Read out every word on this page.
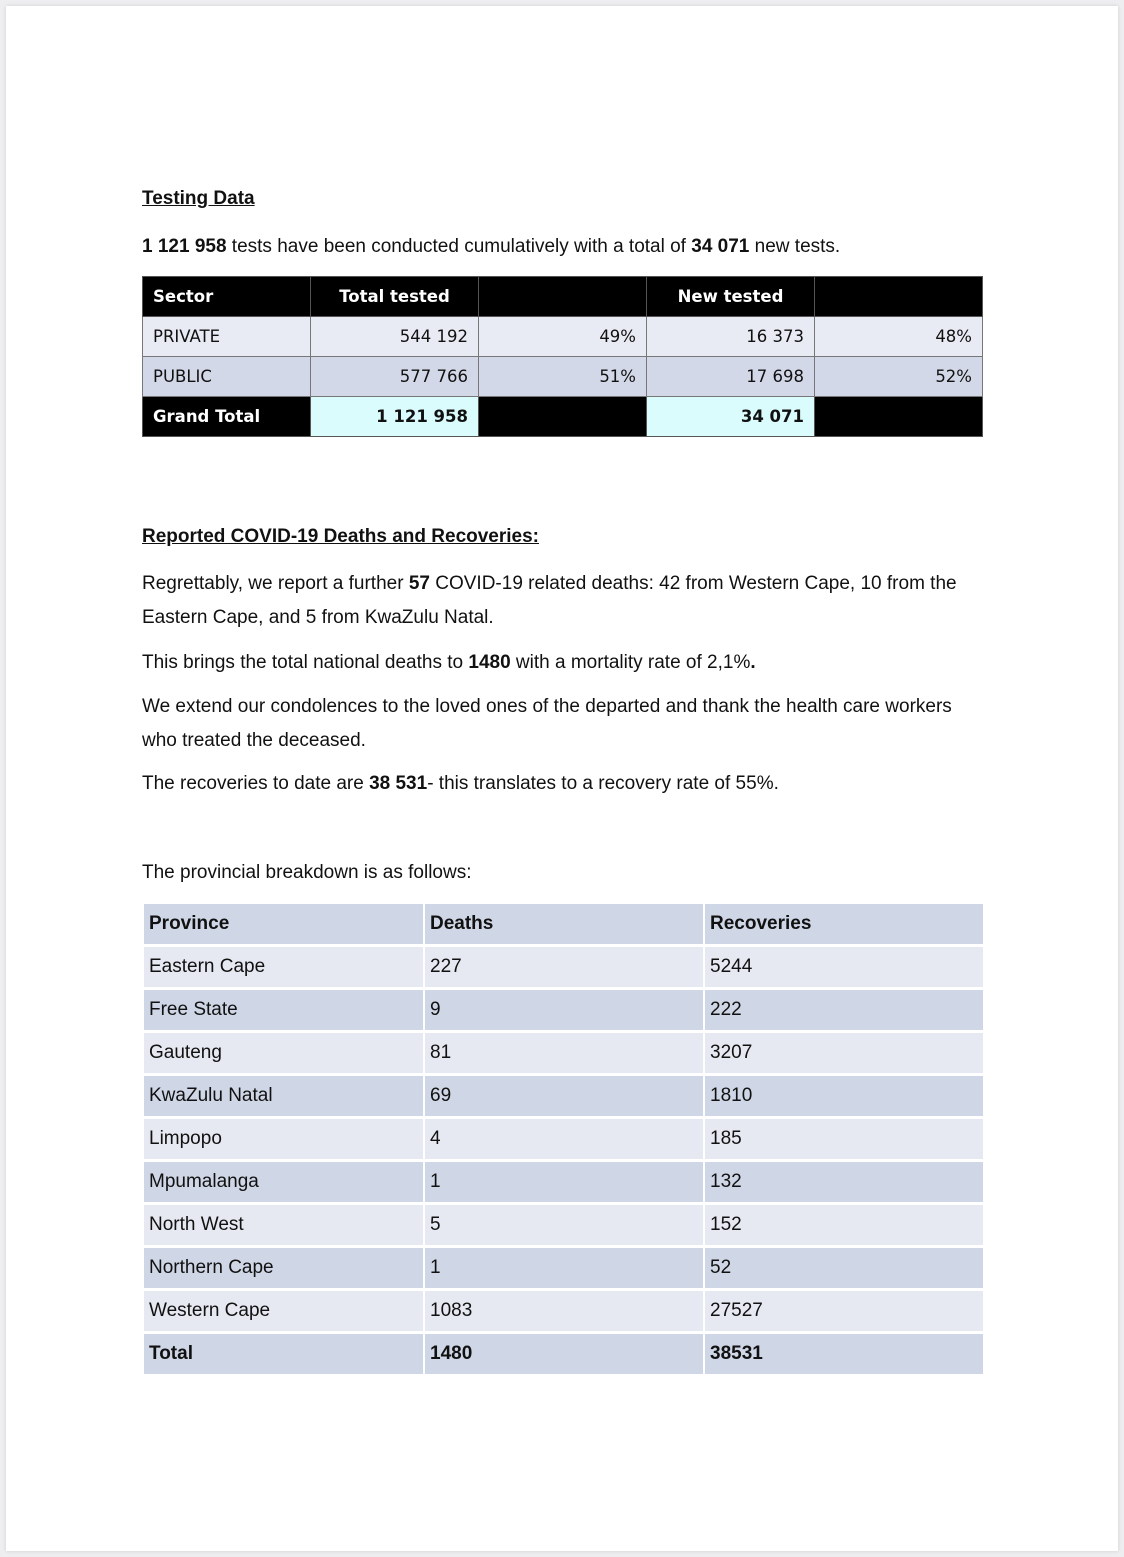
Testing Data
1 121 958 tests have been conducted cumulatively with a total of 34 071 new tests.
Sector	Total tested		New tested	
PRIVATE	544 192	49%	16 373	48%
PUBLIC	577 766	51%	17 698	52%
Grand Total	1 121 958		34 071	
Reported COVID-19 Deaths and Recoveries:
Regrettably, we report a further 57 COVID-19 related deaths: 42 from Western Cape, 10 from the Eastern Cape, and 5 from KwaZulu Natal.
This brings the total national deaths to 1480 with a mortality rate of 2,1%.
We extend our condolences to the loved ones of the departed and thank the health care workers who treated the deceased.
The recoveries to date are 38 531- this translates to a recovery rate of 55%.
The provincial breakdown is as follows:
Province	Deaths	Recoveries
Eastern Cape	227	5244
Free State	9	222
Gauteng	81	3207
KwaZulu Natal	69	1810
Limpopo	4	185
Mpumalanga	1	132
North West	5	152
Northern Cape	1	52
Western Cape	1083	27527
Total	1480	38531
